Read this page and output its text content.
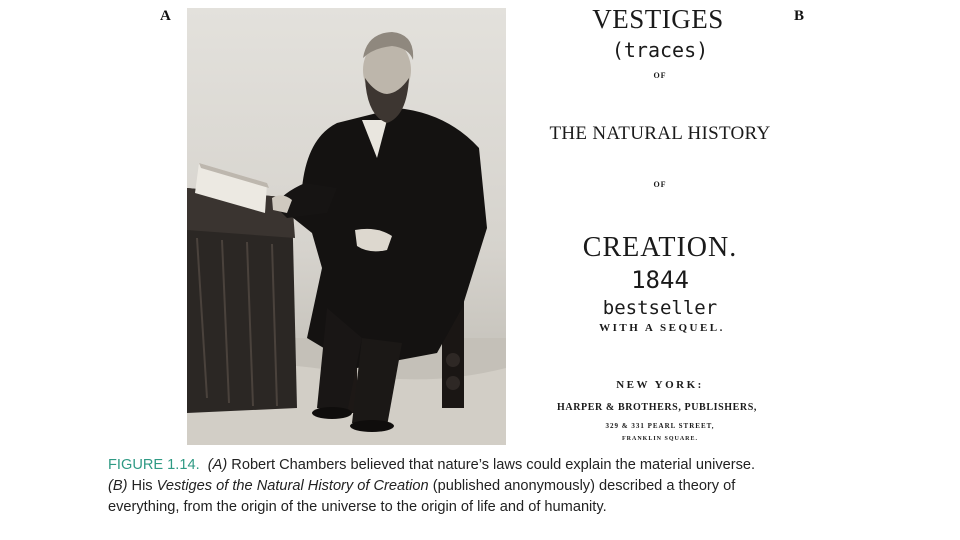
A	B
VESTIGES
(traces)
OF
THE NATURAL HISTORY
OF
CREATION.
1844
bestseller
WITH A SEQUEL.
NEW YORK:
HARPER & BROTHERS, PUBLISHERS,
329 & 331 PEARL STREET,
FRANKLIN SQUARE.

FIGURE 1.14. (A) Robert Chambers believed that nature’s laws could explain the material universe.

(B) His Vestiges of the Natural History of Creation (published anonymously) described a theory of

everything, from the origin of the universe to the origin of life and of humanity.
